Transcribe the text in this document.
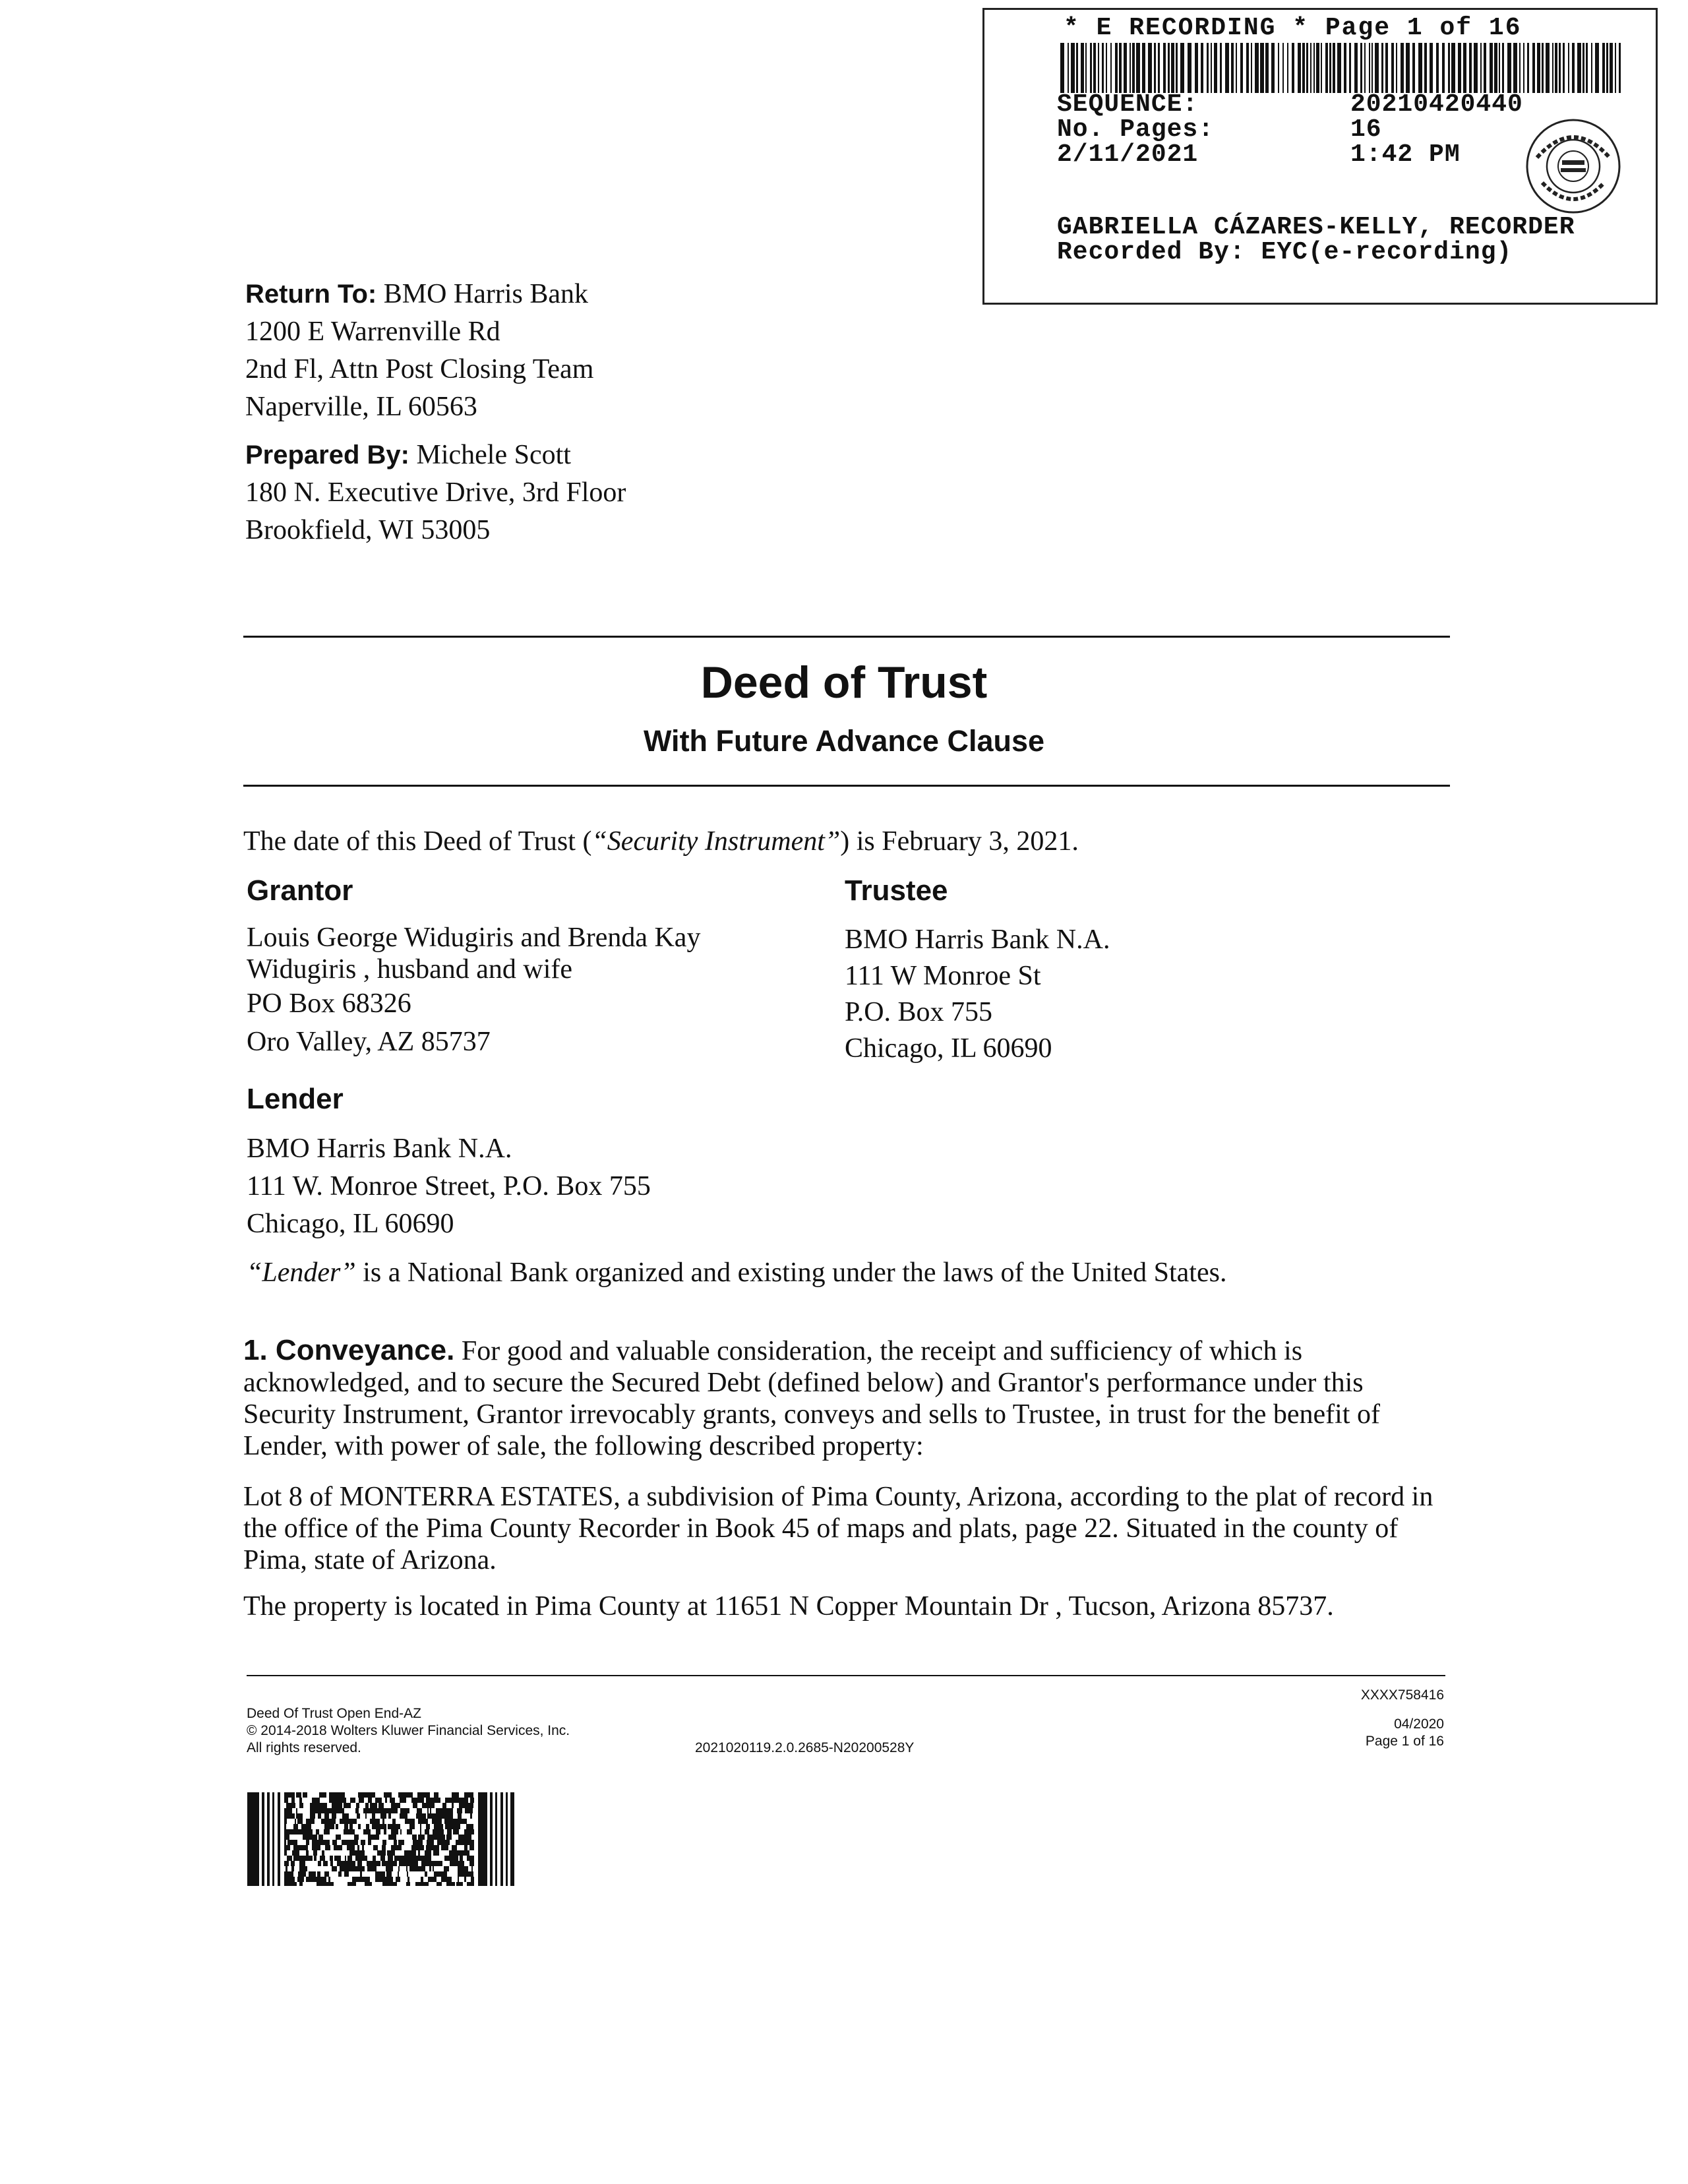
* E RECORDING * Page 1 of 16
SEQUENCE:	20210420440
No. Pages:	16
2/11/2021	1:42 PM
GABRIELLA CÁZARES-KELLY, RECORDER
Recorded By: EYC(e-recording)
Return To: BMO Harris Bank
1200 E Warrenville Rd
2nd Fl, Attn Post Closing Team
Naperville, IL 60563
Prepared By: Michele Scott
180 N. Executive Drive, 3rd Floor
Brookfield, WI 53005
Deed of Trust
With Future Advance Clause
The date of this Deed of Trust (“Security Instrument”) is February 3, 2021.
Grantor
Louis George Widugiris and Brenda Kay
Widugiris , husband and wife
PO Box 68326
Oro Valley, AZ 85737
Trustee
BMO Harris Bank N.A.
111 W Monroe St
P.O. Box 755
Chicago, IL 60690
Lender
BMO Harris Bank N.A.
111 W. Monroe Street, P.O. Box 755
Chicago, IL 60690
“Lender” is a National Bank organized and existing under the laws of the United States.
1. Conveyance. For good and valuable consideration, the receipt and sufficiency of which is acknowledged, and to secure the Secured Debt (defined below) and Grantor's performance under this Security Instrument, Grantor irrevocably grants, conveys and sells to Trustee, in trust for the benefit of Lender, with power of sale, the following described property:
Lot 8 of MONTERRA ESTATES, a subdivision of Pima County, Arizona, according to the plat of record in the office of the Pima County Recorder in Book 45 of maps and plats, page 22. Situated in the county of Pima, state of Arizona.
The property is located in Pima County at 11651 N Copper Mountain Dr , Tucson, Arizona 85737.
Deed Of Trust Open End-AZ
© 2014-2018 Wolters Kluwer Financial Services, Inc.
All rights reserved.	2021020119.2.0.2685-N20200528Y
XXXX758416
04/2020
Page 1 of 16
